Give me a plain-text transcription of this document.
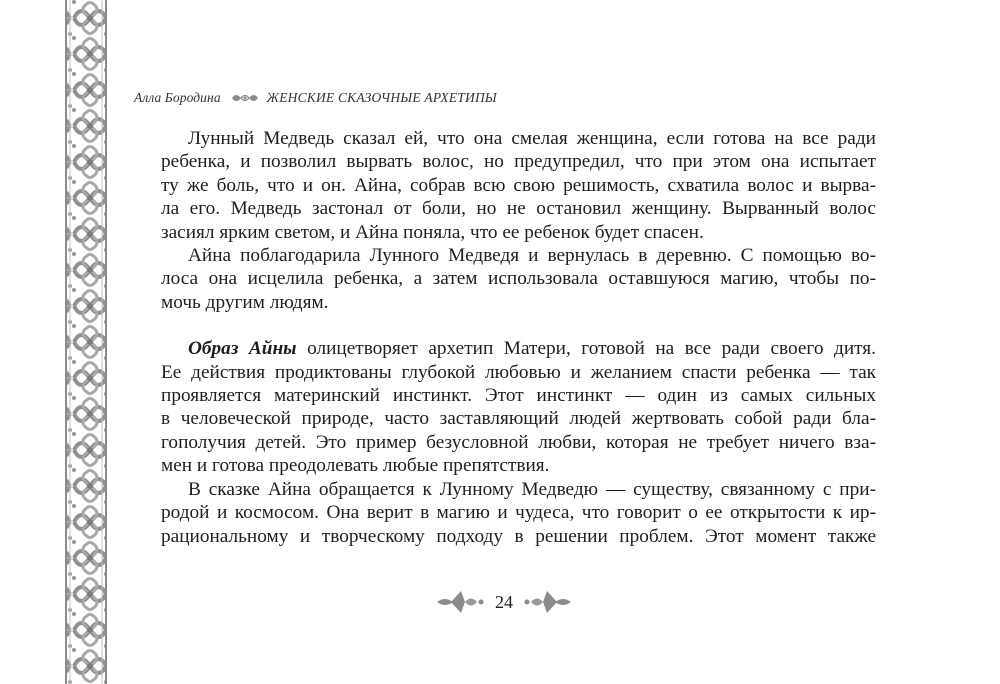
Алла Бородина	ЖЕНСКИЕ СКАЗОЧНЫЕ АРХЕТИПЫ

Лунный Медведь сказал ей, что она смелая женщина, если готова на все ради
ребенка, и позволил вырвать волос, но предупредил, что при этом она испытает
ту же боль, что и он. Айна, собрав всю свою решимость, схватила волос и вырва-
ла его. Медведь застонал от боли, но не остановил женщину. Вырванный волос
засиял ярким светом, и Айна поняла, что ее ребенок будет спасен.

Айна поблагодарила Лунного Медведя и вернулась в деревню. С помощью во-
лоса она исцелила ребенка, а затем использовала оставшуюся магию, чтобы по-
мочь другим людям.

Образ Айны олицетворяет архетип Матери, готовой на все ради своего дитя.
Ее действия продиктованы глубокой любовью и желанием спасти ребенка — так
проявляется материнский инстинкт. Этот инстинкт — один из самых сильных
в человеческой природе, часто заставляющий людей жертвовать собой ради бла-
гополучия детей. Это пример безусловной любви, которая не требует ничего вза-
мен и готова преодолевать любые препятствия.

В сказке Айна обращается к Лунному Медведю — существу, связанному с при-
родой и космосом. Она верит в магию и чудеса, что говорит о ее открытости к ир-
рациональному и творческому подходу в решении проблем. Этот момент также

24
